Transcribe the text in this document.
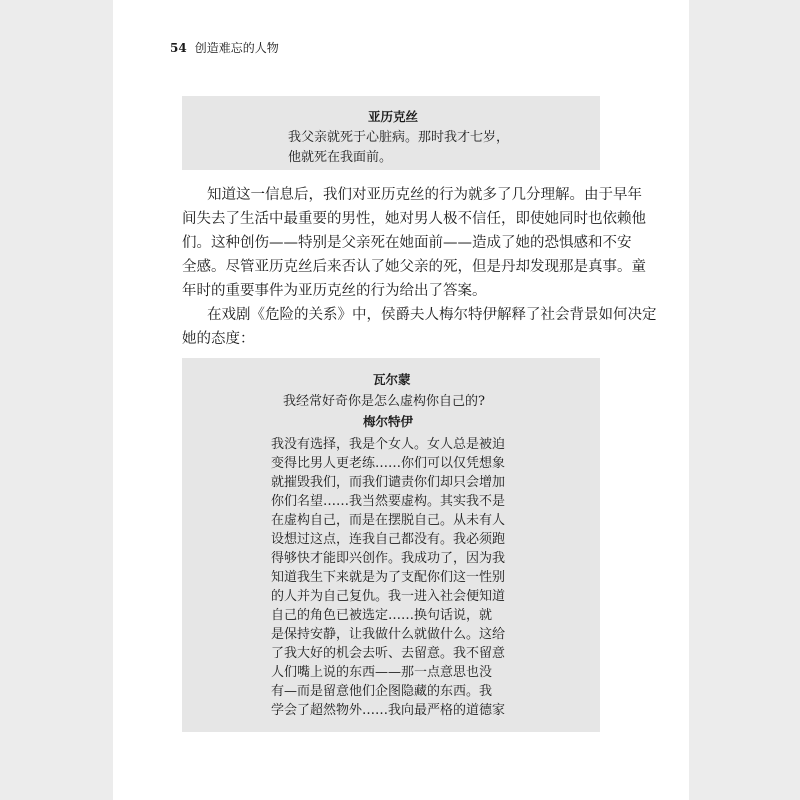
54 创造难忘的人物
亚历克丝
我父亲就死于心脏病。那时我才七岁，
他就死在我面前。
知道这一信息后，我们对亚历克丝的行为就多了几分理解。由于早年
间失去了生活中最重要的男性，她对男人极不信任，即使她同时也依赖他
们。这种创伤——特别是父亲死在她面前——造成了她的恐惧感和不安
全感。尽管亚历克丝后来否认了她父亲的死，但是丹却发现那是真事。童
年时的重要事件为亚历克丝的行为给出了答案。
在戏剧《危险的关系》中，侯爵夫人梅尔特伊解释了社会背景如何决定
她的态度：
瓦尔蒙
我经常好奇你是怎么虚构你自己的?
梅尔特伊
我没有选择，我是个女人。女人总是被迫
变得比男人更老练……你们可以仅凭想象
就摧毁我们，而我们谴责你们却只会增加
你们名望……我当然要虚构。其实我不是
在虚构自己，而是在摆脱自己。从未有人
设想过这点，连我自己都没有。我必须跑
得够快才能即兴创作。我成功了，因为我
知道我生下来就是为了支配你们这一性别
的人并为自己复仇。我一进入社会便知道
自己的角色已被选定……换句话说，就
是保持安静，让我做什么就做什么。这给
了我大好的机会去听、去留意。我不留意
人们嘴上说的东西——那一点意思也没
有—而是留意他们企图隐藏的东西。我
学会了超然物外……我向最严格的道德家
